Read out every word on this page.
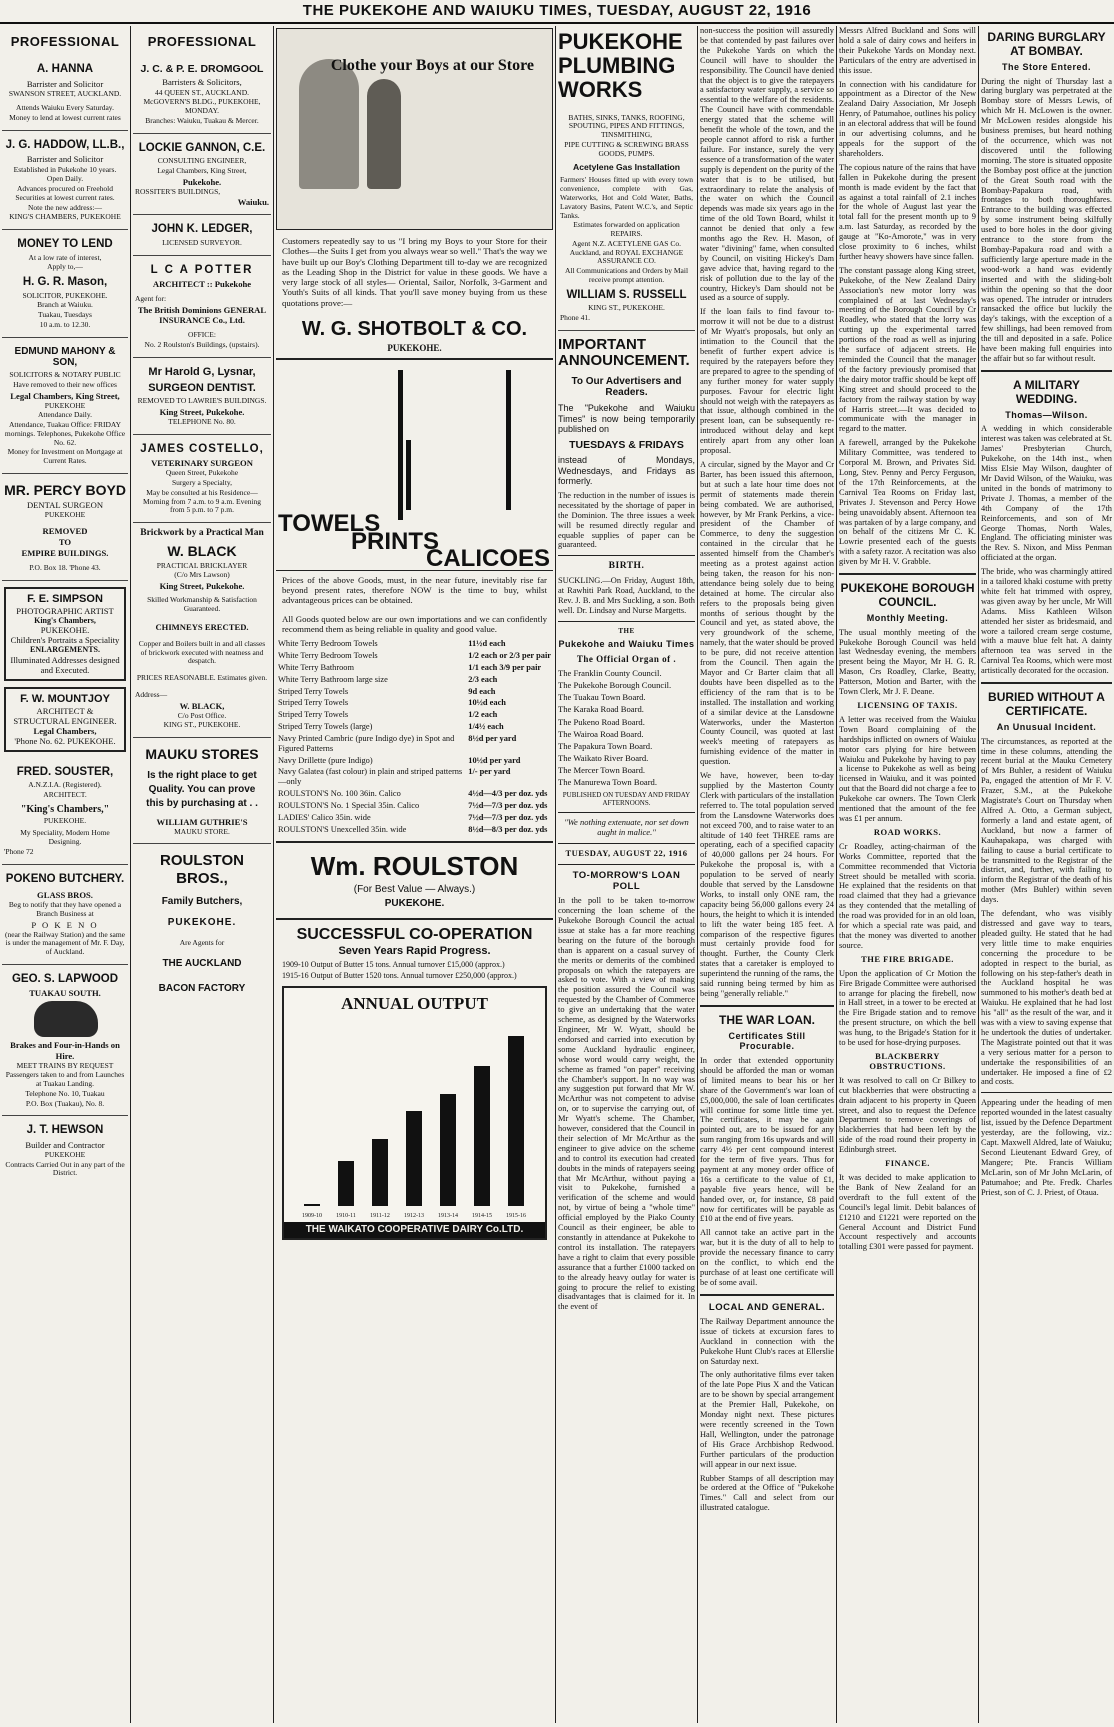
THE PUKEKOHE AND WAIUKU TIMES, TUESDAY, AUGUST 22, 1916
PROFESSIONAL
A. HANNA
Barrister and Solicitor
SWANSON STREET, AUCKLAND.
Attends Waiuku Every Saturday.
Money to lend at lowest current rates
J. G. HADDOW, LL.B.,
Barrister and Solicitor
Established in Pukekohe 10 years.
Open Daily.
Advances procured on Freehold Securities at lowest current rates.
Note the new address:—
KING'S CHAMBERS, PUKEKOHE
MONEY TO LEND
At a low rate of interest,
Apply to,—
H. G. R. Mason,
SOLICITOR, PUKEKOHE.
Branch at Waiuku.
Tuakau, Tuesdays
10 a.m. to 12.30.
EDMUND MAHONY & SON,
SOLICITORS & NOTARY PUBLIC
Have removed to their new offices
Legal Chambers, King Street,
PUKEKOHE
Attendance Daily.
Attendance, Tuakau Office: FRIDAY mornings. Telephones, Pukekohe Office No. 62.
Money for Investment on Mortgage at Current Rates.
MR. PERCY BOYD
DENTAL SURGEON
PUKEKOHE
REMOVED
TO
EMPIRE BUILDINGS.
P.O. Box 18. 'Phone 43.
F. E. SIMPSON
PHOTOGRAPHIC ARTIST
King's Chambers,
PUKEKOHE.
Children's Portraits a Speciality
ENLARGEMENTS.
Illuminated Addresses designed and Executed.
F. W. MOUNTJOY
ARCHITECT & STRUCTURAL ENGINEER.
Legal Chambers,
'Phone No. 62. PUKEKOHE.
FRED. SOUSTER,
A.N.Z.I.A. (Registered).
ARCHITECT.
"King's Chambers,"
PUKEKOHE.
My Speciality, Modern Home Designing.
'Phone 72
POKENO BUTCHERY.
GLASS BROS.
Beg to notify that they have opened a Branch Business at
P O K E N O
(near the Railway Station) and the same is under the management of Mr. F. Day, of Auckland.
GEO. S. LAPWOOD
TUAKAU SOUTH.
Brakes and Four-in-Hands on Hire.
MEET TRAINS BY REQUEST
Passengers taken to and from Launches at Tuakau Landing.
Telephone No. 10, Tuakau
P.O. Box (Tuakau), No. 8.
J. T. HEWSON
Builder and Contractor
PUKEKOHE
Contracts Carried Out in any part of the District.
PROFESSIONAL
J. C. & P. E. DROMGOOL
Barristers & Solicitors,
44 QUEEN ST., AUCKLAND.
McGOVERN'S BLDG., PUKEKOHE, MONDAY.
Branches: Waiuku, Tuakau & Mercer.
LOCKIE GANNON, C.E.
CONSULTING ENGINEER,
Legal Chambers, King Street,
Pukekohe.
ROSSITER'S BUILDINGS,
Waiuku.
JOHN K. LEDGER,
LICENSED SURVEYOR.
L C A POTTER
ARCHITECT :: Pukekohe
Agent for:
The British Dominions GENERAL INSURANCE Co., Ltd.
OFFICE:
No. 2 Roulston's Buildings, (upstairs).
Mr Harold G, Lysnar,
SURGEON DENTIST.
REMOVED TO LAWRIE'S BUILDINGS.
King Street, Pukekohe.
TELEPHONE No. 80.
JAMES COSTELLO,
VETERINARY SURGEON
Queen Street, Pukekohe
Surgery a Specialty,
May be consulted at his Residence—Morning from 7 a.m. to 9 a.m. Evening from 5 p.m. to 7 p.m.
Brickwork by a Practical Man
W. BLACK
PRACTICAL BRICKLAYER
(C/o Mrs Lawson)
King Street, Pukekohe.
Skilled Workmanship & Satisfaction Guaranteed.
CHIMNEYS ERECTED.
Copper and Boilers built in and all classes of brickwork executed with neatness and despatch.
PRICES REASONABLE. Estimates given.
Address—
W. BLACK,
C/o Post Office.
KING ST., PUKEKOHE.
MAUKU STORES
Is the right place to get Quality. You can prove this by purchasing at . .
WILLIAM GUTHRIE'S
MAUKU STORE.
ROULSTON BROS.,
Family Butchers,
PUKEKOHE.
Are Agents for
THE AUCKLAND
BACON FACTORY
Clothe your Boys at our Store
Customers repeatedly say to us "I bring my Boys to your Store for their Clothes—the Suits I get from you always wear so well." That's the way we have built up our Boy's Clothing Department till to-day we are recognized as the Leading Shop in the District for value in these goods. We have a very large stock of all styles— Oriental, Sailor, Norfolk, 3-Garment and Youth's Suits of all kinds. That you'll save money buying from us these quotations prove:—
W. G. SHOTBOLT & CO.
PUKEKOHE.
TOWELS
PRINTS
CALICOES
Prices of the above Goods, must, in the near future, inevitably rise far beyond present rates, therefore NOW is the time to buy, whilst advantageous prices can be obtained.
All Goods quoted below are our own importations and we can confidently recommend them as being reliable in quality and good value.
White Terry Bedroom Towels	11½d each
White Terry Bedroom Towels	1/2 each or 2/3 per pair
White Terry Bathroom	1/1 each 3/9 per pair
White Terry Bathroom large size	2/3 each
Striped Terry Towels	9d each
Striped Terry Towels	10½d each
Striped Terry Towels	1/2 each
Striped Terry Towels (large)	1/4½ each
Navy Printed Cambric (pure Indigo dye) in Spot and Figured Patterns	8½d per yard
Navy Drillette (pure Indigo)	10½d per yard
Navy Galatea (fast colour) in plain and striped patterns—only	1/- per yard
ROULSTON'S No. 100 36in. Calico	4½d—4/3 per doz. yds
ROULSTON'S No. 1 Special 35in. Calico	7½d—7/3 per doz. yds
LADIES' Calico 35in. wide	7½d—7/3 per doz. yds
ROULSTON'S Unexcelled 35in. wide	8½d—8/3 per doz. yds
Wm. ROULSTON
(For Best Value — Always.)
PUKEKOHE.
SUCCESSFUL CO-OPERATION
Seven Years Rapid Progress.
1909-10 Output of Butter 15 tons. Annual turnover £15,000 (approx.)
1915-16 Output of Butter 1520 tons. Annual turnover £250,000 (approx.)
ANNUAL OUTPUT
THE WAIKATO COOPERATIVE DAIRY Co.LTD.
1909-10	1910-11	1911-12	1912-13	1913-14	1914-15	1915-16
PUKEKOHE PLUMBING WORKS
BATHS, SINKS, TANKS, ROOFING, SPOUTING, PIPES AND FITTINGS, TINSMITHING,
PIPE CUTTING & SCREWING BRASS GOODS, PUMPS.
Acetylene Gas Installation
Farmers' Houses fitted up with every town convenience, complete with Gas, Waterworks, Hot and Cold Water, Baths, Lavatory Basins, Patent W.C.'s, and Septic Tanks.
Estimates forwarded on application REPAIRS.
Agent N.Z. ACETYLENE GAS Co. Auckland, and ROYAL EXCHANGE ASSURANCE CO.
All Communications and Orders by Mail receive prompt attention.
WILLIAM S. RUSSELL
KING ST., PUKEKOHE.
Phone 41.
IMPORTANT ANNOUNCEMENT.
To Our Advertisers and Readers.
The "Pukekohe and Waiuku Times" is now being temporarily published on
TUESDAYS & FRIDAYS
instead of Mondays, Wednesdays, and Fridays as formerly.
The reduction in the number of issues is necessitated by the shortage of paper in the Dominion. The three issues a week will be resumed directly regular and equable supplies of paper can be guaranteed.
BIRTH.
SUCKLING.—On Friday, August 18th, at Rawhiti Park Road, Auckland, to the Rev. J. B. and Mrs Suckling, a son. Both well. Dr. Lindsay and Nurse Margetts.
THE
Pukekohe and Waiuku Times
The Official Organ of .
The Franklin County Council.
The Pukekohe Borough Council.
The Tuakau Town Board.
The Karaka Road Board.
The Pukeno Road Board.
The Wairoa Road Board.
The Papakura Town Board.
The Waikato River Board.
The Mercer Town Board.
The Manurewa Town Board.
PUBLISHED ON TUESDAY AND FRIDAY AFTERNOONS.
"We nothing extenuate, nor set down aught in malice."
TUESDAY, AUGUST 22, 1916
TO-MORROW'S LOAN POLL
In the poll to be taken to-morrow concerning the loan scheme of the Pukekohe Borough Council the actual issue at stake has a far more reaching bearing on the future of the borough than is apparent on a casual survey of the merits or demerits of the combined proposals on which the ratepayers are asked to vote. With a view of making the position assured the Council was requested by the Chamber of Commerce to give an undertaking that the water scheme, as designed by the Waterworks Engineer, Mr W. Wyatt, should be endorsed and carried into execution by some Auckland hydraulic engineer, whose word would carry weight, the scheme as framed "on paper" receiving the Chamber's support. In no way was any suggestion put forward that Mr W. McArthur was not competent to advise on, or to supervise the carrying out, of Mr Wyatt's scheme. The Chamber, however, considered that the Council in their selection of Mr McArthur as the engineer to give advice on the scheme and to control its execution had created doubts in the minds of ratepayers seeing that Mr McArthur, without paying a visit to Pukekohe, furnished a verification of the scheme and would not, by virtue of being a "whole time" official employed by the Piako County Council as their engineer, be able to constantly in attendance at Pukekohe to control its installation. The ratepayers have a right to claim that every possible assurance that a further £1000 tacked on to the already heavy outlay for water is going to procure the relief to existing disadvantages that is claimed for it. In the event of
non-success the position will assuredly be that contended by past failures over the Pukekohe Yards on which the Council will have to shoulder the responsibility. The Council have denied that the object is to give the ratepayers a satisfactory water supply, a service so essential to the welfare of the residents. The Council have with commendable energy stated that the scheme will benefit the whole of the town, and the people cannot afford to risk a further failure. For instance, surely the very essence of a transformation of the water supply is dependent on the purity of the water that is to be utilised, but extraordinary to relate the analysis of the water on which the Council depends was made six years ago in the time of the old Town Board, whilst it cannot be denied that only a few months ago the Rev. H. Mason, of water "divining" fame, when consulted by Council, on visiting Hickey's Dam gave advice that, having regard to the risk of pollution due to the lay of the country, Hickey's Dam should not be used as a source of supply.
If the loan fails to find favour to-morrow it will not be due to a distrust of Mr Wyatt's proposals, but only an intimation to the Council that the benefit of further expert advice is required by the ratepayers before they are prepared to agree to the spending of any further money for water supply purposes. Favour for electric light should not weigh with the ratepayers as that issue, although combined in the present loan, can be subsequently re-introduced without delay and kept entirely apart from any other loan proposal.
A circular, signed by the Mayor and Cr Barter, has been issued this afternoon, but at such a late hour time does not permit of statements made therein being combated. We are authorised, however, by Mr Frank Perkins, a vice-president of the Chamber of Commerce, to deny the suggestion contained in the circular that he assented himself from the Chamber's meeting as a protest against action being taken, the reason for his non-attendance being solely due to being detained at home. The circular also refers to the proposals being given months of serious thought by the Council and yet, as stated above, the very groundwork of the scheme, namely, that the water should be proved to be pure, did not receive attention from the Council. Then again the Mayor and Cr Barter claim that all doubts have been dispelled as to the efficiency of the ram that is to be installed. The installation and working of a similar device at the Lansdowne Waterworks, under the Masterton County Council, was quoted at last week's meeting of ratepayers as furnishing evidence of the matter in question.
We have, however, been to-day supplied by the Masterton County Clerk with particulars of the installation referred to. The total population served from the Lansdowne Waterworks does not exceed 700, and to raise water to an altitude of 140 feet THREE rams are operating, each of a specified capacity of 40,000 gallons per 24 hours. For Pukekohe the proposal is, with a population to be served of nearly double that served by the Lansdowne Works, to install only ONE ram, the capacity being 56,000 gallons every 24 hours, the height to which it is intended to lift the water being 185 feet. A comparison of the respective figures must certainly provide food for thought. Further, the County Clerk states that a caretaker is employed to superintend the running of the rams, the said running being termed by him as being "generally reliable."
THE WAR LOAN.
Certificates Still Procurable.
In order that extended opportunity should be afforded the man or woman of limited means to bear his or her share of the Government's war loan of £5,000,000, the sale of loan certificates will continue for some little time yet. The certificates, it may be again pointed out, are to be issued for any sum ranging from 16s upwards and will carry 4½ per cent compound interest for the term of five years. Thus for payment at any money order office of 16s a certificate to the value of £1, payable five years hence, will be handed over, or, for instance, £8 paid now for certificates will be payable as £10 at the end of five years.
All cannot take an active part in the war, but it is the duty of all to help to provide the necessary finance to carry on the conflict, to which end the purchase of at least one certificate will be of some avail.
LOCAL AND GENERAL.
The Railway Department announce the issue of tickets at excursion fares to Auckland in connection with the Pukekohe Hunt Club's races at Ellerslie on Saturday next.
The only authoritative films ever taken of the late Pope Pius X and the Vatican are to be shown by special arrangement at the Premier Hall, Pukekohe, on Monday night next. These pictures were recently screened in the Town Hall, Wellington, under the patronage of His Grace Archbishop Redwood. Further particulars of the production will appear in our next issue.
Rubber Stamps of all description may be ordered at the Office of "Pukekohe Times." Call and select from our illustrated catalogue.
Messrs Alfred Buckland and Sons will hold a sale of dairy cows and heifers in their Pukekohe Yards on Monday next. Particulars of the entry are advertised in this issue.
In connection with his candidature for appointment as a Director of the New Zealand Dairy Association, Mr Joseph Henry, of Patumahoe, outlines his policy in an electoral address that will be found in our advertising columns, and he appeals for the support of the shareholders.
The copious nature of the rains that have fallen in Pukekohe during the present month is made evident by the fact that as against a total rainfall of 2.1 inches for the whole of August last year the total fall for the present month up to 9 a.m. last Saturday, as recorded by the gauge at "Ko-Amorote," was in very close proximity to 6 inches, whilst further heavy showers have since fallen.
The constant passage along King street, Pukekohe, of the New Zealand Dairy Association's new motor lorry was complained of at last Wednesday's meeting of the Borough Council by Cr Roadley, who stated that the lorry was cutting up the experimental tarred portions of the road as well as injuring the surface of adjacent streets. He reminded the Council that the manager of the factory previously promised that the dairy motor traffic should be kept off King street and should proceed to the factory from the railway station by way of Harris street.—It was decided to communicate with the manager in regard to the matter.
A farewell, arranged by the Pukekohe Military Committee, was tendered to Corporal M. Brown, and Privates Sid. Long, Stev. Penny and Percy Ferguson, of the 17th Reinforcements, at the Carnival Tea Rooms on Friday last, Privates J. Stevenson and Percy Howe being unavoidably absent. Afternoon tea was partaken of by a large company, and on behalf of the citizens Mr C. K. Lowrie presented each of the guests with a safety razor. A recitation was also given by Mr H. V. Grabble.
PUKEKOHE BOROUGH COUNCIL.
Monthly Meeting.
The usual monthly meeting of the Pukekohe Borough Council was held last Wednesday evening, the members present being the Mayor, Mr H. G. R. Mason, Crs Roadley, Clarke, Beatty, Patterson, Motion and Barter, with the Town Clerk, Mr J. F. Deane.
LICENSING OF TAXIS.
A letter was received from the Waiuku Town Board complaining of the hardships inflicted on owners of Waiuku motor cars plying for hire between Waiuku and Pukekohe by having to pay a license to Pukekohe as well as being licensed in Waiuku, and it was pointed out that the Board did not charge a fee to Pukekohe car owners. The Town Clerk mentioned that the amount of the fee was £1 per annum.
ROAD WORKS.
Cr Roadley, acting-chairman of the Works Committee, reported that the Committee recommended that Victoria Street should be metalled with scoria. He explained that the residents on that road claimed that they had a grievance as they contended that the metalling of the road was provided for in an old loan, for which a special rate was paid, and that the money was diverted to another source.
THE FIRE BRIGADE.
Upon the application of Cr Motion the Fire Brigade Committee were authorised to arrange for placing the firebell, now in Hall street, in a tower to be erected at the Fire Brigade station and to remove the present structure, on which the bell was hung, to the Brigade's Station for it to be used for hose-drying purposes.
BLACKBERRY OBSTRUCTIONS.
It was resolved to call on Cr Bilkey to cut blackberries that were obstructing a drain adjacent to his property in Queen street, and also to request the Defence Department to remove coverings of blackberries that had been left by the side of the road round their property in Edinburgh street.
FINANCE.
It was decided to make application to the Bank of New Zealand for an overdraft to the full extent of the Council's legal limit. Debit balances of £1210 and £1221 were reported on the General Account and District Fund Account respectively and accounts totalling £301 were passed for payment.
DARING BURGLARY AT BOMBAY.
The Store Entered.
During the night of Thursday last a daring burglary was perpetrated at the Bombay store of Messrs Lewis, of which Mr H. McLowen is the owner. Mr McLowen resides alongside his business premises, but heard nothing of the occurrence, which was not discovered until the following morning. The store is situated opposite the Bombay post office at the junction of the Great South road with the Bombay-Papakura road, with frontages to both thoroughfares. Entrance to the building was effected by some instrument being skilfully used to bore holes in the door giving entrance to the store from the Bombay-Papakura road and with a sufficiently large aperture made in the wood-work a hand was evidently inserted and with the sliding-bolt within the opening so that the door was opened. The intruder or intruders ransacked the office but luckily the day's takings, with the exception of a few shillings, had been removed from the till and deposited in a safe. Police have been making full enquiries into the affair but so far without result.
A MILITARY WEDDING.
Thomas—Wilson.
A wedding in which considerable interest was taken was celebrated at St. James' Presbyterian Church, Pukekohe, on the 14th inst., when Miss Elsie May Wilson, daughter of Mr David Wilson, of the Waiuku, was united in the bonds of matrimony to Private J. Thomas, a member of the 4th Company of the 17th Reinforcements, and son of Mr George Thomas, North Wales, England. The officiating minister was the Rev. S. Nixon, and Miss Penman officiated at the organ.
The bride, who was charmingly attired in a tailored khaki costume with pretty white felt hat trimmed with osprey, was given away by her uncle, Mr Will Adams. Miss Kathleen Wilson attended her sister as bridesmaid, and wore a tailored cream serge costume, with a mauve blue felt hat. A dainty afternoon tea was served in the Carnival Tea Rooms, which were most artistically decorated for the occasion.
BURIED WITHOUT A CERTIFICATE.
An Unusual Incident.
The circumstances, as reported at the time in these columns, attending the recent burial at the Mauku Cemetery of Mrs Buhler, a resident of Waiuku Pa, engaged the attention of Mr F. V. Frazer, S.M., at the Pukekohe Magistrate's Court on Thursday when Alfred A. Otto, a German subject, formerly a land and estate agent, of Auckland, but now a farmer of Kauhapakapa, was charged with failing to cause a burial certificate to be transmitted to the Registrar of the district, and, further, with failing to inform the Registrar of the death of his mother (Mrs Buhler) within seven days.
The defendant, who was visibly distressed and gave way to tears, pleaded guilty. He stated that he had very little time to make enquiries concerning the procedure to be adopted in respect to the burial, as following on his step-father's death in the Auckland hospital he was summoned to his mother's death bed at Waiuku. He explained that he had lost his "all" as the result of the war, and it was with a view to saving expense that he undertook the duties of undertaker. The Magistrate pointed out that it was a very serious matter for a person to undertake the responsibilities of an undertaker. He imposed a fine of £2 and costs.
Appearing under the heading of men reported wounded in the latest casualty list, issued by the Defence Department yesterday, are the following, viz.: Capt. Maxwell Aldred, late of Waiuku; Second Lieutenant Edward Grey, of Mangere; Pte. Francis William McLarin, son of Mr John McLarin, of Patumahoe; and Pte. Fredk. Charles Priest, son of C. J. Priest, of Otaua.
